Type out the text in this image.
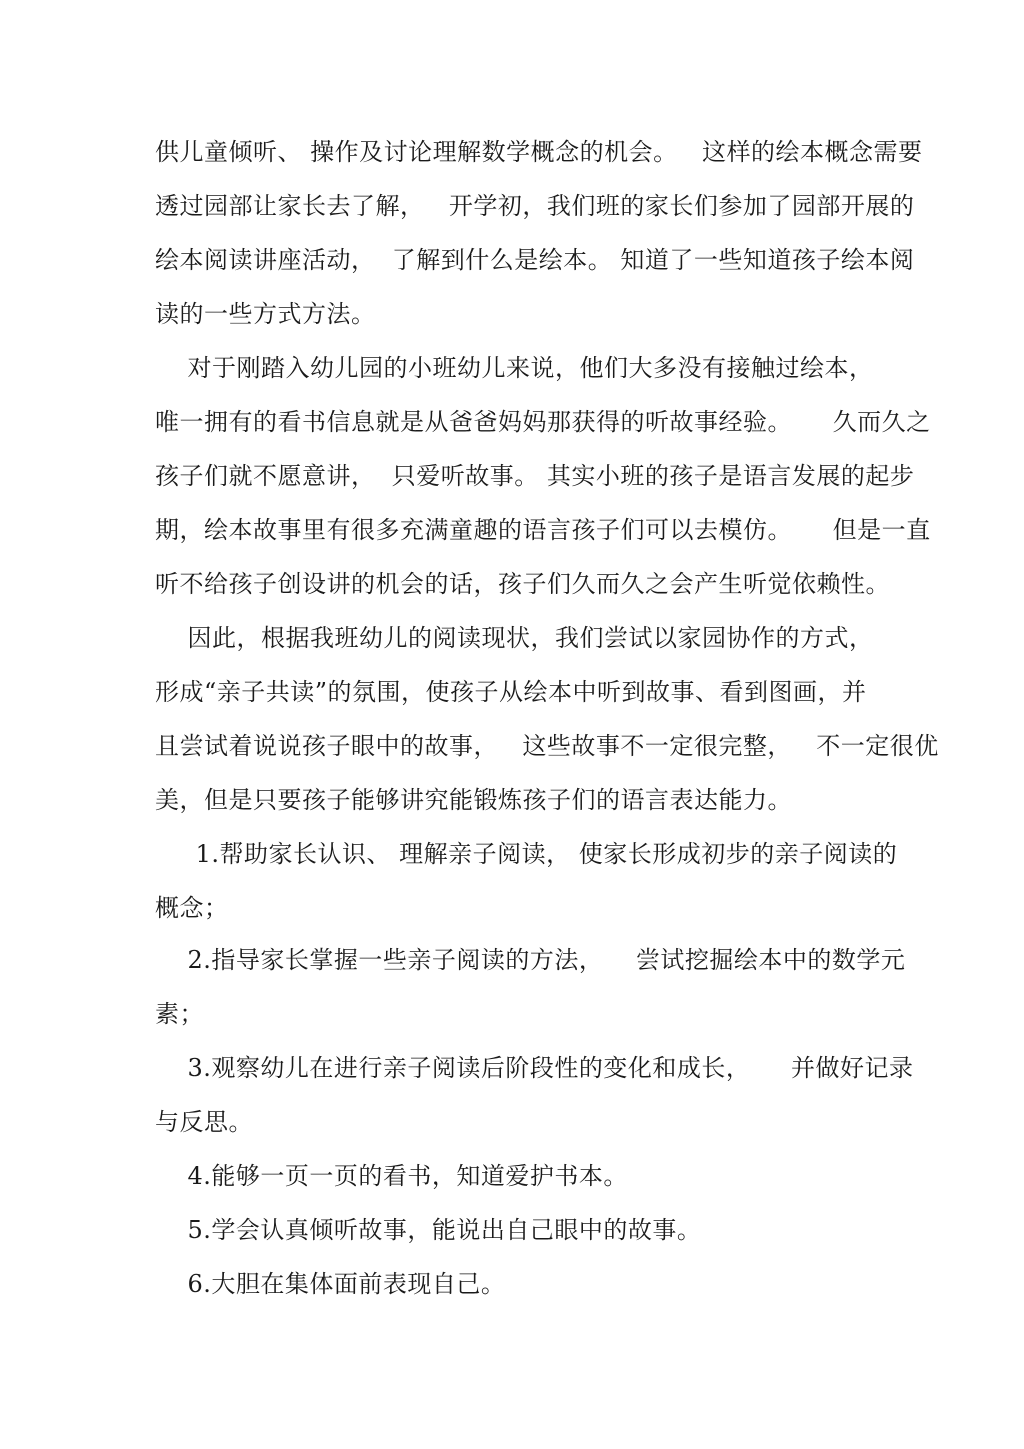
供儿童倾听、 操作及讨论理解数学概念的机会。   这样的绘本概念需要
透过园部让家长去了解，   开学初，我们班的家长们参加了园部开展的
绘本阅读讲座活动，  了解到什么是绘本。 知道了一些知道孩子绘本阅
读的一些方式方法。
对于刚踏入幼儿园的小班幼儿来说，他们大多没有接触过绘本，
唯一拥有的看书信息就是从爸爸妈妈那获得的听故事经验。     久而久之
孩子们就不愿意讲，  只爱听故事。 其实小班的孩子是语言发展的起步
期，绘本故事里有很多充满童趣的语言孩子们可以去模仿。     但是一直
听不给孩子创设讲的机会的话，孩子们久而久之会产生听觉依赖性。
因此，根据我班幼儿的阅读现状，我们尝试以家园协作的方式，
形成“亲子共读”的氛围，使孩子从绘本中听到故事、看到图画，并
且尝试着说说孩子眼中的故事，   这些故事不一定很完整，   不一定很优
美，但是只要孩子能够讲究能锻炼孩子们的语言表达能力。
1.帮助家长认识、 理解亲子阅读， 使家长形成初步的亲子阅读的
概念；
2.指导家长掌握一些亲子阅读的方法，    尝试挖掘绘本中的数学元
素；
3.观察幼儿在进行亲子阅读后阶段性的变化和成长，     并做好记录
与反思。
4.能够一页一页的看书，知道爱护书本。
5.学会认真倾听故事，能说出自己眼中的故事。
6.大胆在集体面前表现自己。
